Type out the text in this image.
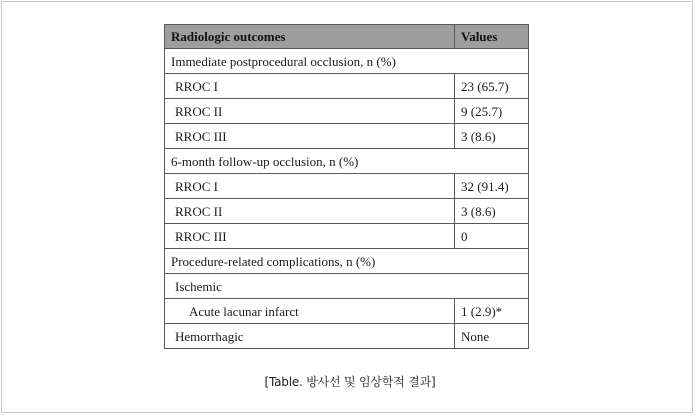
Radiologic outcomes	Values
Immediate postprocedural occlusion, n (%)	
RROC I	23 (65.7)
RROC II	9 (25.7)
RROC III	3 (8.6)
6-month follow-up occlusion, n (%)	
RROC I	32 (91.4)
RROC II	3 (8.6)
RROC III	0
Procedure-related complications, n (%)	
Ischemic	
Acute lacunar infarct	1 (2.9)*
Hemorrhagic	None
[Table. 방사선 및 임상학적 결과]
